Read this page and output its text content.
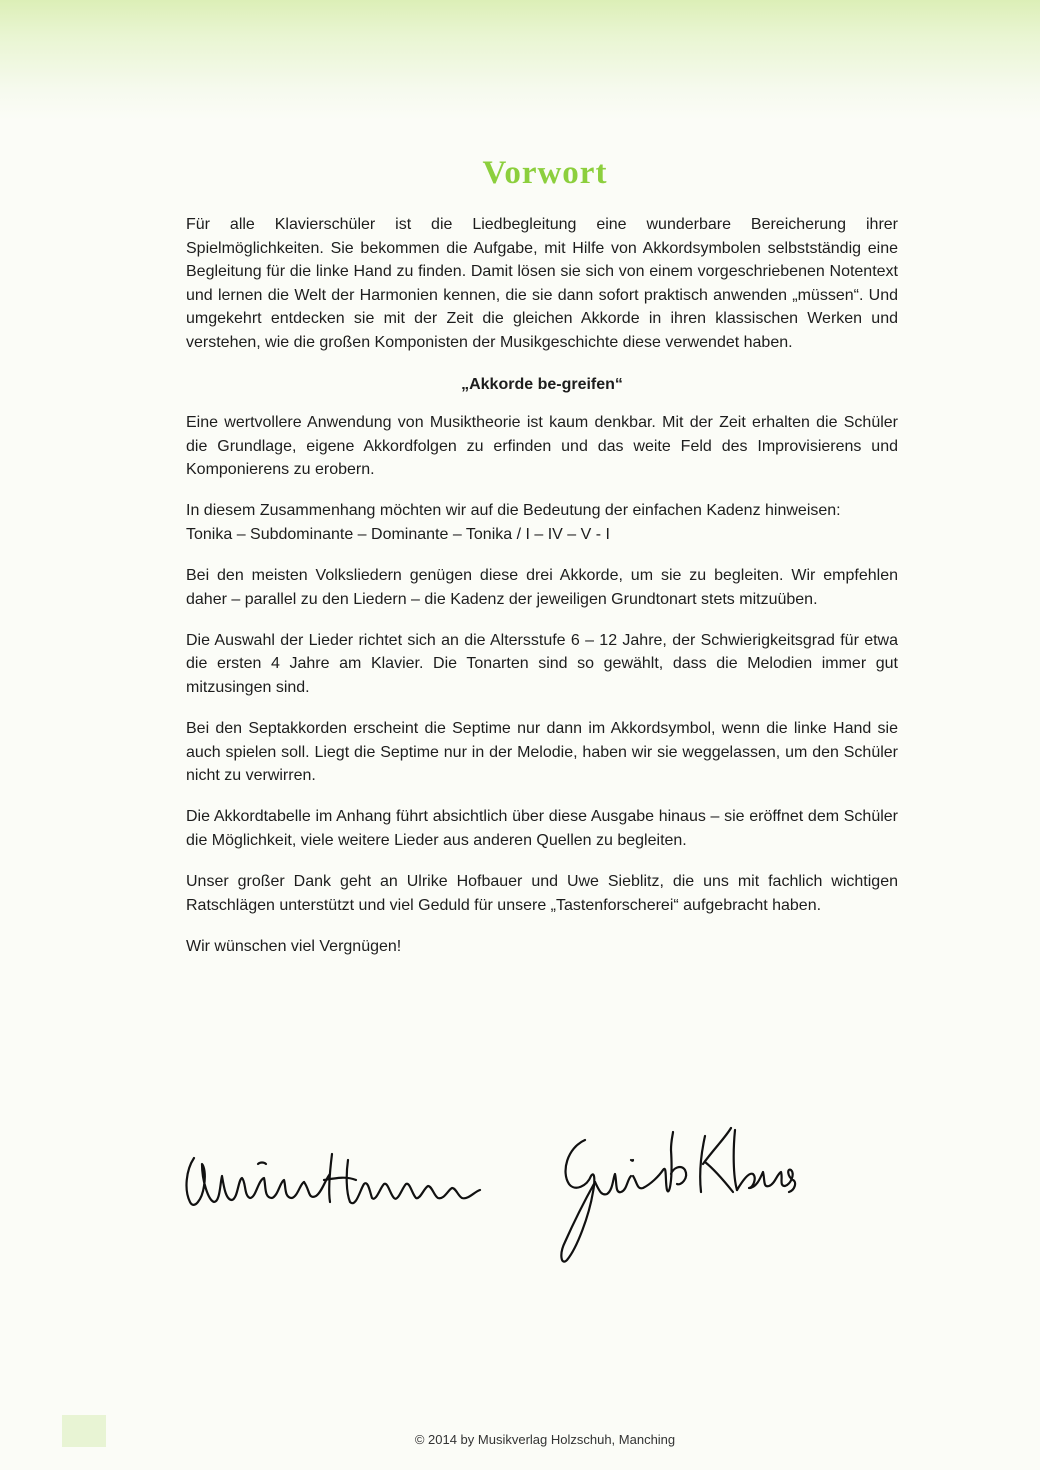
Vorwort

Für alle Klavierschüler ist die Liedbegleitung eine wunderbare Bereicherung ihrer Spielmöglichkeiten. Sie bekommen die Aufgabe, mit Hilfe von Akkordsymbolen selbstständig eine Begleitung für die linke Hand zu finden. Damit lösen sie sich von einem vorgeschriebenen Notentext und lernen die Welt der Harmonien kennen, die sie dann sofort praktisch anwenden „müssen“. Und umgekehrt entdecken sie mit der Zeit die gleichen Akkorde in ihren klassischen Werken und verstehen, wie die großen Komponisten der Musikgeschichte diese verwendet haben.

„Akkorde be-greifen“

Eine wertvollere Anwendung von Musiktheorie ist kaum denkbar. Mit der Zeit erhalten die Schüler die Grundlage, eigene Akkordfolgen zu erfinden und das weite Feld des Improvisierens und Komponierens zu erobern.

In diesem Zusammenhang möchten wir auf die Bedeutung der einfachen Kadenz hinweisen:
Tonika – Subdominante – Dominante – Tonika / I – IV – V - I

Bei den meisten Volksliedern genügen diese drei Akkorde, um sie zu begleiten. Wir empfehlen daher – parallel zu den Liedern – die Kadenz der jeweiligen Grundtonart stets mitzuüben.

Die Auswahl der Lieder richtet sich an die Altersstufe 6 – 12 Jahre, der Schwierigkeitsgrad für etwa die ersten 4 Jahre am Klavier. Die Tonarten sind so gewählt, dass die Melodien immer gut mitzusingen sind.

Bei den Septakkorden erscheint die Septime nur dann im Akkordsymbol, wenn die linke Hand sie auch spielen soll. Liegt die Septime nur in der Melodie, haben wir sie weggelassen, um den Schüler nicht zu verwirren.

Die Akkordtabelle im Anhang führt absichtlich über diese Ausgabe hinaus – sie eröffnet dem Schüler die Möglichkeit, viele weitere Lieder aus anderen Quellen zu begleiten.

Unser großer Dank geht an Ulrike Hofbauer und Uwe Sieblitz, die uns mit fachlich wichtigen Ratschlägen unterstützt und viel Geduld für unsere „Tastenforscherei“ aufgebracht haben.

Wir wünschen viel Vergnügen!

© 2014 by Musikverlag Holzschuh, Manching
